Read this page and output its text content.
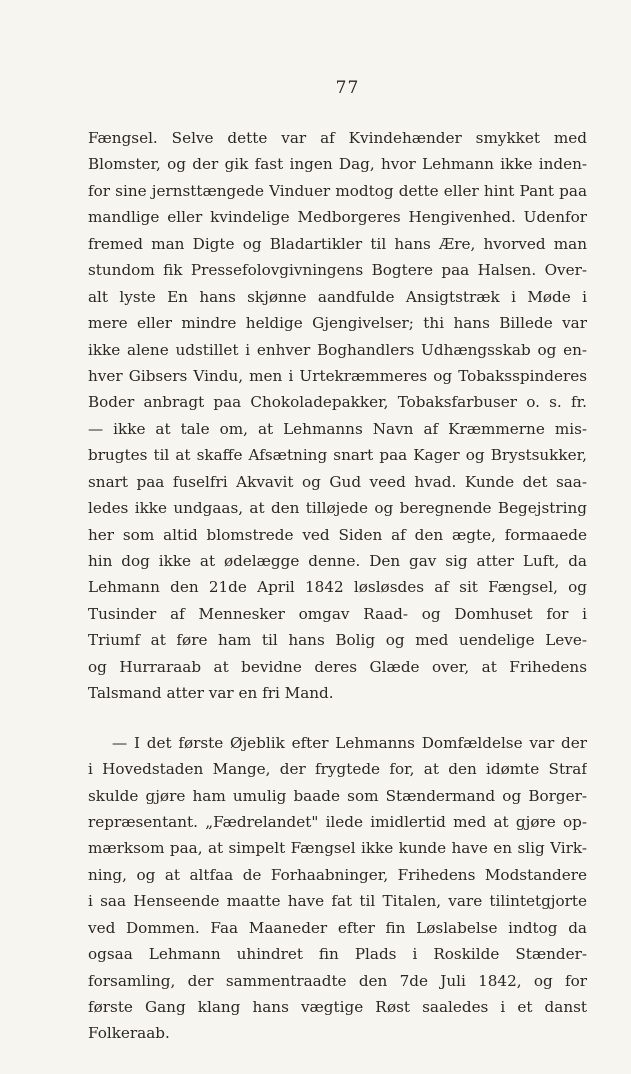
77
Fængsel. Selve dette var af Kvindehænder smykket med
Blomster, og der gik fast ingen Dag, hvor Lehmann ikke inden-
for sine jernsttængede Vinduer modtog dette eller hint Pant paa
mandlige eller kvindelige Medborgeres Hengivenhed. Udenfor
fremed man Digte og Bladartikler til hans Ære, hvorved man
stundom fik Pressefolovgivningens Bogtere paa Halsen. Over-
alt lyste En hans skjønne aandfulde Ansigtstræk i Møde i
mere eller mindre heldige Gjengivelser; thi hans Billede var
ikke alene udstillet i enhver Boghandlers Udhængsskab og en-
hver Gibsers Vindu, men i Urtekræmmeres og Tobaksspinderes
Boder anbragt paa Chokoladepakker, Tobaksfarbuser o. s. fr.
— ikke at tale om, at Lehmanns Navn af Kræmmerne mis-
brugtes til at skaffe Afsætning snart paa Kager og Brystsukker,
snart paa fuselfri Akvavit og Gud veed hvad. Kunde det saa-
ledes ikke undgaas, at den tilløjede og beregnende Begejstring
her som altid blomstrede ved Siden af den ægte, formaaede
hin dog ikke at ødelægge denne. Den gav sig atter Luft, da
Lehmann den 21de April 1842 løsløsdes af sit Fængsel, og
Tusinder af Mennesker omgav Raad- og Domhuset for i
Triumf at føre ham til hans Bolig og med uendelige Leve-
og Hurraraab at bevidne deres Glæde over, at Frihedens
Talsmand atter var en fri Mand.
— I det første Øjeblik efter Lehmanns Domfældelse var der
i Hovedstaden Mange, der frygtede for, at den idømte Straf
skulde gjøre ham umulig baade som Stændermand og Borger-
repræsentant. „Fædrelandet" ilede imidlertid med at gjøre op-
mærksom paa, at simpelt Fængsel ikke kunde have en slig Virk-
ning, og at altfaa de Forhaabninger, Frihedens Modstandere
i saa Henseende maatte have fat til Titalen, vare tilintetgjorte
ved Dommen. Faa Maaneder efter fin Løslabelse indtog da
ogsaa Lehmann uhindret fin Plads i Roskilde Stænder-
forsamling, der sammentraadte den 7de Juli 1842, og for
første Gang klang hans vægtige Røst saaledes i et danst
Folkeraab.
